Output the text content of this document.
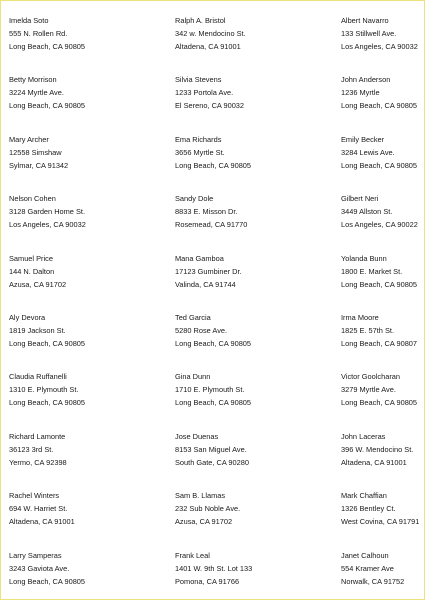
Imelda Soto
555 N. Rollen Rd.
Long Beach, CA 90805
Ralph A. Bristol
342 w. Mendocino St.
Altadena, CA 91001
Albert Navarro
133 Stillwell Ave.
Los Angeles, CA 90032
Betty Morrison
3224 Myrtle Ave.
Long Beach, CA 90805
Silvia Stevens
1233 Portola Ave.
El Sereno, CA 90032
John Anderson
1236 Myrtle
Long Beach, CA 90805
Mary Archer
12558 Simshaw
Sylmar, CA 91342
Ema Richards
3656 Myrtle St.
Long Beach, CA 90805
Emily Becker
3284 Lewis Ave.
Long Beach, CA 90805
Nelson Cohen
3128 Garden Home St.
Los Angeles, CA 90032
Sandy Dole
8833 E. Misson Dr.
Rosemead, CA 91770
Gilbert Neri
3449 Allston St.
Los Angeles, CA 90022
Samuel Price
144 N. Dalton
Azusa, CA 91702
Mana Gamboa
17123 Gumbiner Dr.
Valinda, CA 91744
Yolanda Bunn
1800 E. Market St.
Long Beach, CA 90805
Aly Devora
1819 Jackson St.
Long Beach, CA 90805
Ted Garcia
5280 Rose Ave.
Long Beach, CA 90805
Irma Moore
1825 E. 57th St.
Long Beach, CA 90807
Claudia Ruffanelli
1310 E. Plymouth St.
Long Beach, CA 90805
Gina Dunn
1710 E. Plymouth St.
Long Beach, CA 90805
Victor Goolcharan
3279 Myrtle Ave.
Long Beach, CA 90805
Richard Lamonte
36123 3rd St.
Yermo, CA 92398
Jose Duenas
8153 San Miguel Ave.
South Gate, CA 90280
John Laceras
396 W. Mendocino St.
Altadena, CA 91001
Rachel Winters
694 W. Harriet St.
Altadena, CA 91001
Sam B. Llamas
232 Sub Noble Ave.
Azusa, CA 91702
Mark Chaffian
1326 Bentley Ct.
West Covina, CA 91791
Larry Samperas
3243 Gaviota Ave.
Long Beach, CA 90805
Frank Leal
1401 W. 9th St. Lot 133
Pomona, CA 91766
Janet Calhoun
554 Kramer Ave
Norwalk, CA 91752
